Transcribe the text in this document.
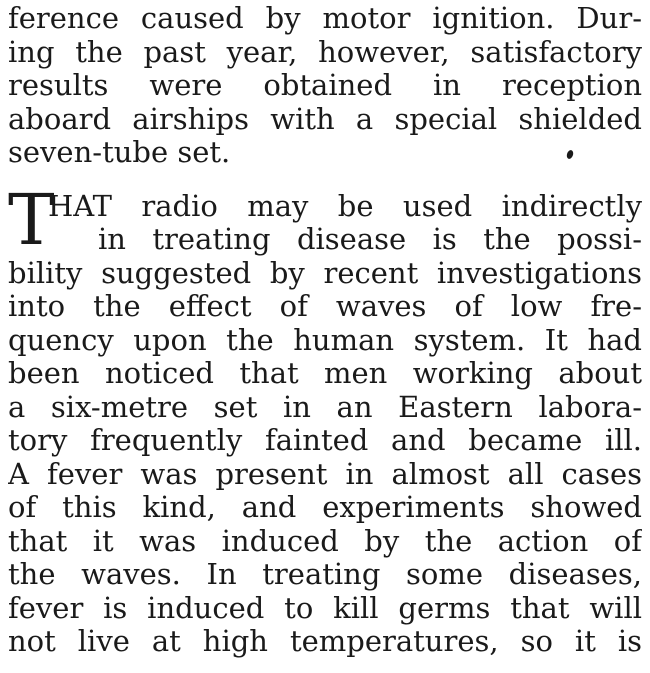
ference caused by motor ignition. Dur-
ing the past year, however, satisfactory
results were obtained in reception
aboard airships with a special shielded
seven-tube set.
T
HAT radio may be used indirectly
in treating disease is the possi-
bility suggested by recent investigations
into the effect of waves of low fre-
quency upon the human system. It had
been noticed that men working about
a six-metre set in an Eastern labora-
tory frequently fainted and became ill.
A fever was present in almost all cases
of this kind, and experiments showed
that it was induced by the action of
the waves. In treating some diseases,
fever is induced to kill germs that will
not live at high temperatures, so it is
